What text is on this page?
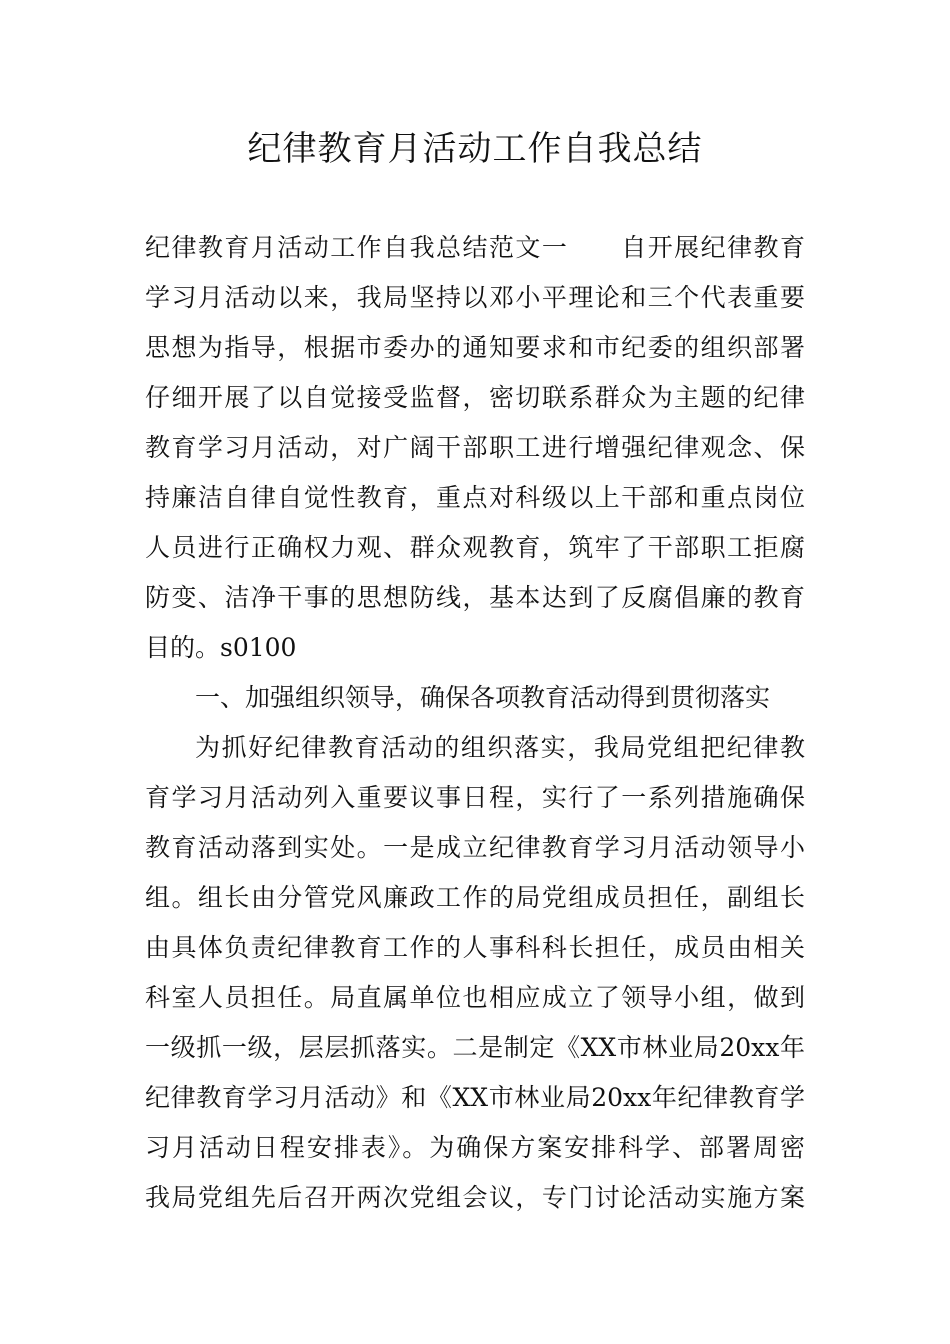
纪律教育月活动工作自我总结
纪律教育月活动工作自我总结范文一　　自开展纪律教育
学习月活动以来，我局坚持以邓小平理论和三个代表重要
思想为指导，根据市委办的通知要求和市纪委的组织部署
仔细开展了以自觉接受监督，密切联系群众为主题的纪律
教育学习月活动，对广阔干部职工进行增强纪律观念、保
持廉洁自律自觉性教育，重点对科级以上干部和重点岗位
人员进行正确权力观、群众观教育，筑牢了干部职工拒腐
防变、洁净干事的思想防线，基本达到了反腐倡廉的教育
目的。s0100
一、加强组织领导，确保各项教育活动得到贯彻落实
为抓好纪律教育活动的组织落实，我局党组把纪律教
育学习月活动列入重要议事日程，实行了一系列措施确保
教育活动落到实处。一是成立纪律教育学习月活动领导小
组。组长由分管党风廉政工作的局党组成员担任，副组长
由具体负责纪律教育工作的人事科科长担任，成员由相关
科室人员担任。局直属单位也相应成立了领导小组，做到
一级抓一级，层层抓落实。二是制定《XX市林业局20xx年
纪律教育学习月活动》和《XX市林业局20xx年纪律教育学
习月活动日程安排表》。为确保方案安排科学、部署周密
我局党组先后召开两次党组会议，专门讨论活动实施方案
